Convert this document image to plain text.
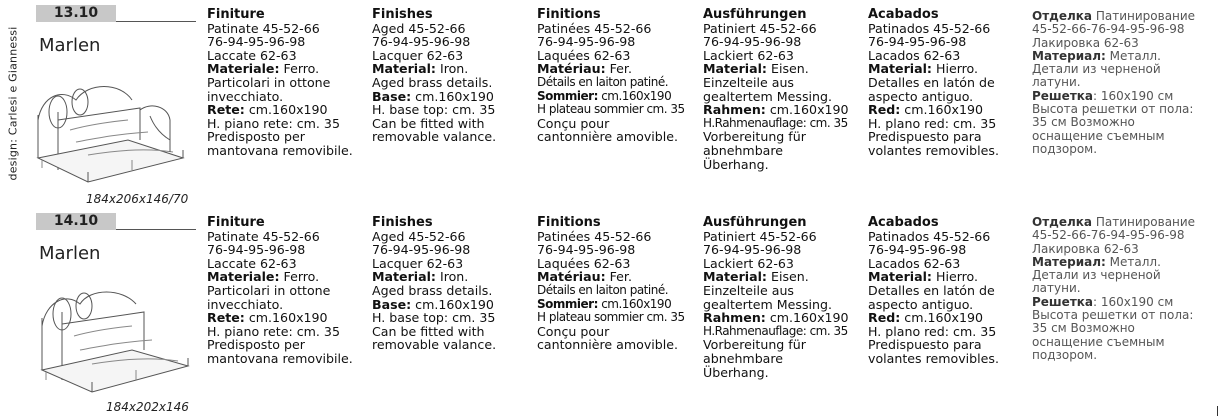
design: Carlesi e Giannessi
13.10
Marlen
184x206x146/70
Finiture
Patinate 45-52-66
76-94-95-96-98
Laccate 62-63
Materiale: Ferro.
Particolari in ottone
invecchiato.
Rete: cm.160x190
H. piano rete: cm. 35
Predisposto per
mantovana removibile.
Finishes
Aged 45-52-66
76-94-95-96-98
Lacquer 62-63
Material: Iron.
Aged brass details.
Base: cm.160x190
H. base top: cm. 35
Can be fitted with
removable valance.
Finitions
Patinées 45-52-66
76-94-95-96-98
Laquées 62-63
Matériau: Fer.
Détails en laiton patiné.
Sommier: cm.160x190
H plateau sommier cm. 35
Conçu pour
cantonnière amovible.
Ausführungen
Patiniert 45-52-66
76-94-95-96-98
Lackiert 62-63
Material: Eisen.
Einzelteile aus
gealtertem Messing.
Rahmen: cm.160x190
H.Rahmenauflage: cm. 35
Vorbereitung für
abnehmbare
Überhang.
Acabados
Patinados 45-52-66
76-94-95-96-98
Lacados 62-63
Material: Hierro.
Detalles en latón de
aspecto antiguo.
Red: cm.160x190
H. plano red: cm. 35
Predispuesto para
volantes removibles.
Отделка Патинирование
45-52-66-76-94-95-96-98
Лакировка 62-63
Материал: Металл.
Детали из черненой
латуни.
Решетка: 160x190 см
Высота решетки от пола:
35 см Возможно
оснащение съемным
подзором.
14.10
Marlen
184x202x146
Finiture
Patinate 45-52-66
76-94-95-96-98
Laccate 62-63
Materiale: Ferro.
Particolari in ottone
invecchiato.
Rete: cm.160x190
H. piano rete: cm. 35
Predisposto per
mantovana removibile.
Finishes
Aged 45-52-66
76-94-95-96-98
Lacquer 62-63
Material: Iron.
Aged brass details.
Base: cm.160x190
H. base top: cm. 35
Can be fitted with
removable valance.
Finitions
Patinées 45-52-66
76-94-95-96-98
Laquées 62-63
Matériau: Fer.
Détails en laiton patiné.
Sommier: cm.160x190
H plateau sommier cm. 35
Conçu pour
cantonnière amovible.
Ausführungen
Patiniert 45-52-66
76-94-95-96-98
Lackiert 62-63
Material: Eisen.
Einzelteile aus
gealtertem Messing.
Rahmen: cm.160x190
H.Rahmenauflage: cm. 35
Vorbereitung für
abnehmbare
Überhang.
Acabados
Patinados 45-52-66
76-94-95-96-98
Lacados 62-63
Material: Hierro.
Detalles en latón de
aspecto antiguo.
Red: cm.160x190
H. plano red: cm. 35
Predispuesto para
volantes removibles.
Отделка Патинирование
45-52-66-76-94-95-96-98
Лакировка 62-63
Материал: Металл.
Детали из черненой
латуни.
Решетка: 160x190 см
Высота решетки от пола:
35 см Возможно
оснащение съемным
подзором.
